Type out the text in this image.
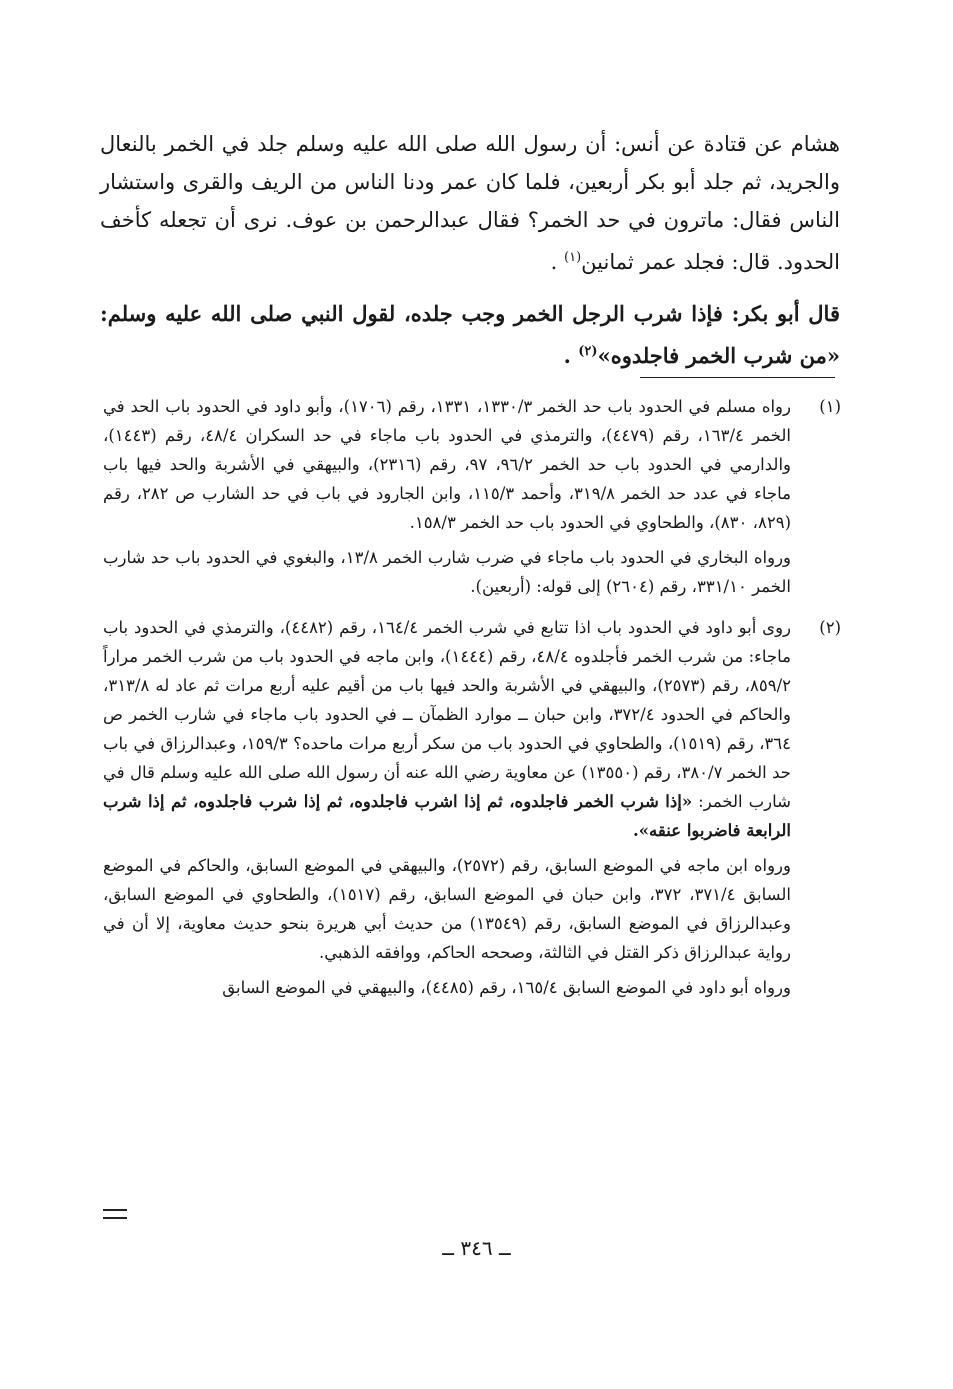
هشام عن قتادة عن أنس: أن رسول الله صلى الله عليه وسلم جلد في الخمر بالنعال والجريد، ثم جلد أبو بكر أربعين، فلما كان عمر ودنا الناس من الريف والقرى واستشار الناس فقال: ماترون في حد الخمر؟ فقال عبدالرحمن بن عوف. نرى أن تجعله كأخف الحدود. قال: فجلد عمر ثمانين$^{(١)}$ .

قال أبو بكر: فإذا شرب الرجل الخمر وجب جلده، لقول النبي صلى الله عليه وسلم: «من شرب الخمر فاجلدوه»$^{(٢)}$ .

(١)

رواه مسلم في الحدود باب حد الخمر ١٣٣٠/٣، ١٣٣١، رقم (١٧٠٦)، وأبو داود في الحدود باب الحد في الخمر ١٦٣/٤، رقم (٤٤٧٩)، والترمذي في الحدود باب ماجاء في حد السكران ٤٨/٤، رقم (١٤٤٣)، والدارمي في الحدود باب حد الخمر ٩٦/٢، ٩٧، رقم (٢٣١٦)، والبيهقي في الأشربة والحد فيها باب ماجاء في عدد حد الخمر ٣١٩/٨، وأحمد ١١٥/٣، وابن الجارود في باب في حد الشارب ص ٢٨٢، رقم (٨٢٩، ٨٣٠)، والطحاوي في الحدود باب حد الخمر ١٥٨/٣.

ورواه البخاري في الحدود باب ماجاء في ضرب شارب الخمر ١٣/٨، والبغوي في الحدود باب حد شارب الخمر ٣٣١/١٠، رقم (٢٦٠٤) إلى قوله: (أربعين).

(٢)

روى أبو داود في الحدود باب اذا تتابع في شرب الخمر ١٦٤/٤، رقم (٤٤٨٢)، والترمذي في الحدود باب ماجاء: من شرب الخمر فأجلدوه ٤٨/٤، رقم (١٤٤٤)، وابن ماجه في الحدود باب من شرب الخمر مراراً ٨٥٩/٢، رقم (٢٥٧٣)، والبيهقي في الأشربة والحد فيها باب من أقيم عليه أربع مرات ثم عاد له ٣١٣/٨، والحاكم في الحدود ٣٧٢/٤، وابن حبان ــ موارد الظمآن ــ في الحدود باب ماجاء في شارب الخمر ص ٣٦٤، رقم (١٥١٩)، والطحاوي في الحدود باب من سكر أربع مرات ماحده؟ ١٥٩/٣، وعبدالرزاق في باب حد الخمر ٣٨٠/٧، رقم (١٣٥٥٠) عن معاوية رضي الله عنه أن رسول الله صلى الله عليه وسلم قال في شارب الخمر: «إذا شرب الخمر فاجلدوه، ثم إذا اشرب فاجلدوه، ثم إذا شرب فاجلدوه، ثم إذا شرب الرابعة فاضربوا عنقه».

ورواه ابن ماجه في الموضع السابق، رقم (٢٥٧٢)، والبيهقي في الموضع السابق، والحاكم في الموضع السابق ٣٧١/٤، ٣٧٢، وابن حبان في الموضع السابق، رقم (١٥١٧)، والطحاوي في الموضع السابق، وعبدالرزاق في الموضع السابق، رقم (١٣٥٤٩) من حديث أبي هريرة بنحو حديث معاوية، إلا أن في رواية عبدالرزاق ذكر القتل في الثالثة، وصححه الحاكم، ووافقه الذهبي.

ورواه أبو داود في الموضع السابق ١٦٥/٤، رقم (٤٤٨٥)، والبيهقي في الموضع السابق

ــ ٣٤٦ ــ
